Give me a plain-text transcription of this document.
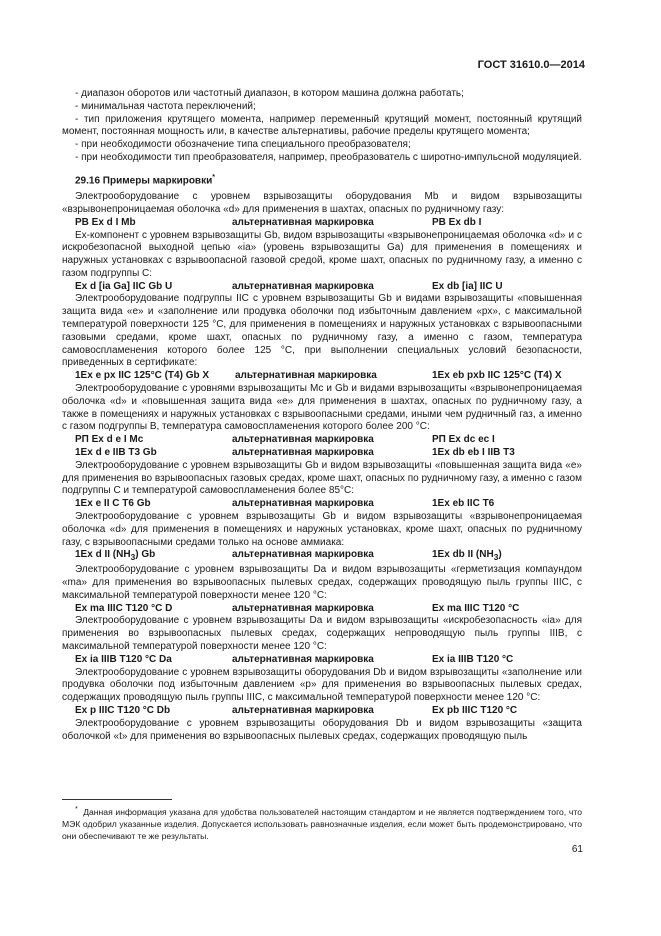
ГОСТ 31610.0—2014

- диапазон оборотов или частотный диапазон, в котором машина должна работать;

- минимальная частота переключений;

- тип приложения крутящего момента, например переменный крутящий момент, постоянный крутящий момент, постоянная мощность или, в качестве альтернативы, рабочие пределы крутящего момента;

- при необходимости обозначение типа специального преобразователя;

- при необходимости тип преобразователя, например, преобразователь с широтно-импульсной модуляцией.

29.16 Примеры маркировки*

Электрооборудование с уровнем взрывозащиты оборудования Mb и видом взрывозащиты «взрывонепроницаемая оболочка «d» для применения в шахтах, опасных по рудничному газу:

РВ Ex d I Mb	альтернативная маркировка	РВ Ex db I

Ex-компонент с уровнем взрывозащиты Gb, видом взрывозащиты «взрывонепроницаемая оболочка «d» и с искробезопасной выходной цепью «ia» (уровень взрывозащиты Ga) для применения в помещениях и наружных установках с взрывоопасной газовой средой, кроме шахт, опасных по рудничному газу, а именно с газом подгруппы С:

Ex d [ia Ga] IIC Gb U	альтернативная маркировка	Ex db [ia] IIC U

Электрооборудование подгруппы IIC с уровнем взрывозащиты Gb и видами взрывозащиты «повышенная защита вида «е» и «заполнение или продувка оболочки под избыточным давлением «рх», с максимальной температурой поверхности 125 °C, для применения в помещениях и наружных установках с взрывоопасными газовыми средами, кроме шахт, опасных по рудничному газу, а именно с газом, температура самовоспламенения которого более 125 °C, при выполнении специальных условий безопасности, приведенных в сертификате:

1Ex e px IIC 125°C (Т4) Gb X	альтернативная маркировка	1Ex eb pxb IIC 125°C (T4) X

Электрооборудование с уровнями взрывозащиты Mc и Gb и видами взрывозащиты «взрывонепроницаемая оболочка «d» и «повышенная защита вида «е» для применения в шахтах, опасных по рудничному газу, а также в помещениях и наружных установках с взрывоопасными средами, иными чем рудничный газ, а именно с газом подгруппы В, температура самовоспламенения которого более 200 °C:

РП Ex d e I Mc	альтернативная маркировка	РП Ex dc ec I
1Ex d e IIB T3 Gb	альтернативная маркировка	1Ex db eb I IIB T3

Электрооборудование с уровнем взрывозащиты Gb и видом взрывозащиты «повышенная защита вида «е» для применения во взрывоопасных газовых средах, кроме шахт, опасных по рудничному газу, а именно с газом подгруппы С и температурой самовоспламенения более 85°C:

1Ex e II C T6 Gb	альтернативная маркировка	1Ex eb IIC T6

Электрооборудование с уровнем взрывозащиты Gb и видом взрывозащиты «взрывонепроницаемая оболочка «d» для применения в помещениях и наружных установках, кроме шахт, опасных по рудничному газу, с взрывоопасными средами только на основе аммиака:

1Ex d II $(NH_3)$ Gb	альтернативная маркировка	1Ex db II $(NH_3)$

Электрооборудование с уровнем взрывозащиты Da и видом взрывозащиты «герметизация компаундом «ma» для применения во взрывоопасных пылевых средах, содержащих проводящую пыль группы IIIC, с максимальной температурой поверхности менее 120 °C:

Ex ma IIIC T120 °C D	альтернативная маркировка	Ex ma IIIC T120 °C

Электрооборудование с уровнем взрывозащиты Da и видом взрывозащиты «искробезопасность «ia» для применения во взрывоопасных пылевых средах, содержащих непроводящую пыль группы IIIB, с максимальной температурой поверхности менее 120 °C:

Ex ia IIIB T120 °C Da	альтернативная маркировка	Ex ia IIIB T120 °C

Электрооборудование с уровнем взрывозащиты оборудования Db и видом взрывозащиты «заполнение или продувка оболочки под избыточным давлением «р» для применения во взрывоопасных пылевых средах, содержащих проводящую пыль группы IIIC, с максимальной температурой поверхности менее 120 °C:

Ex p IIIC T120 °C Db	альтернативная маркировка	Ex pb IIIC T120 °C

Электрооборудование с уровнем взрывозащиты оборудования Db и видом взрывозащиты «защита оболочкой «t» для применения во взрывоопасных пылевых средах, содержащих проводящую пыль

* Данная информация указана для удобства пользователей настоящим стандартом и не является подтверждением того, что МЭК одобрил указанные изделия. Допускается использовать равнозначные изделия, если может быть продемонстрировано, что они обеспечивают те же результаты.

61
